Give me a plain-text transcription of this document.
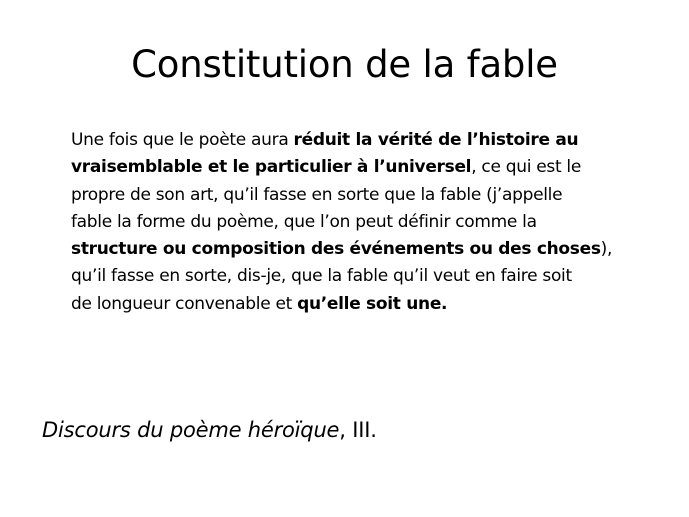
Constitution de la fable
Une fois que le poète aura réduit la vérité de l’histoire au
vraisemblable et le particulier à l’universel, ce qui est le
propre de son art, qu’il fasse en sorte que la fable (j’appelle
fable la forme du poème, que l’on peut définir comme la
structure ou composition des événements ou des choses),
qu’il fasse en sorte, dis-je, que la fable qu’il veut en faire soit
de longueur convenable et qu’elle soit une.
Discours du poème héroïque, III.
